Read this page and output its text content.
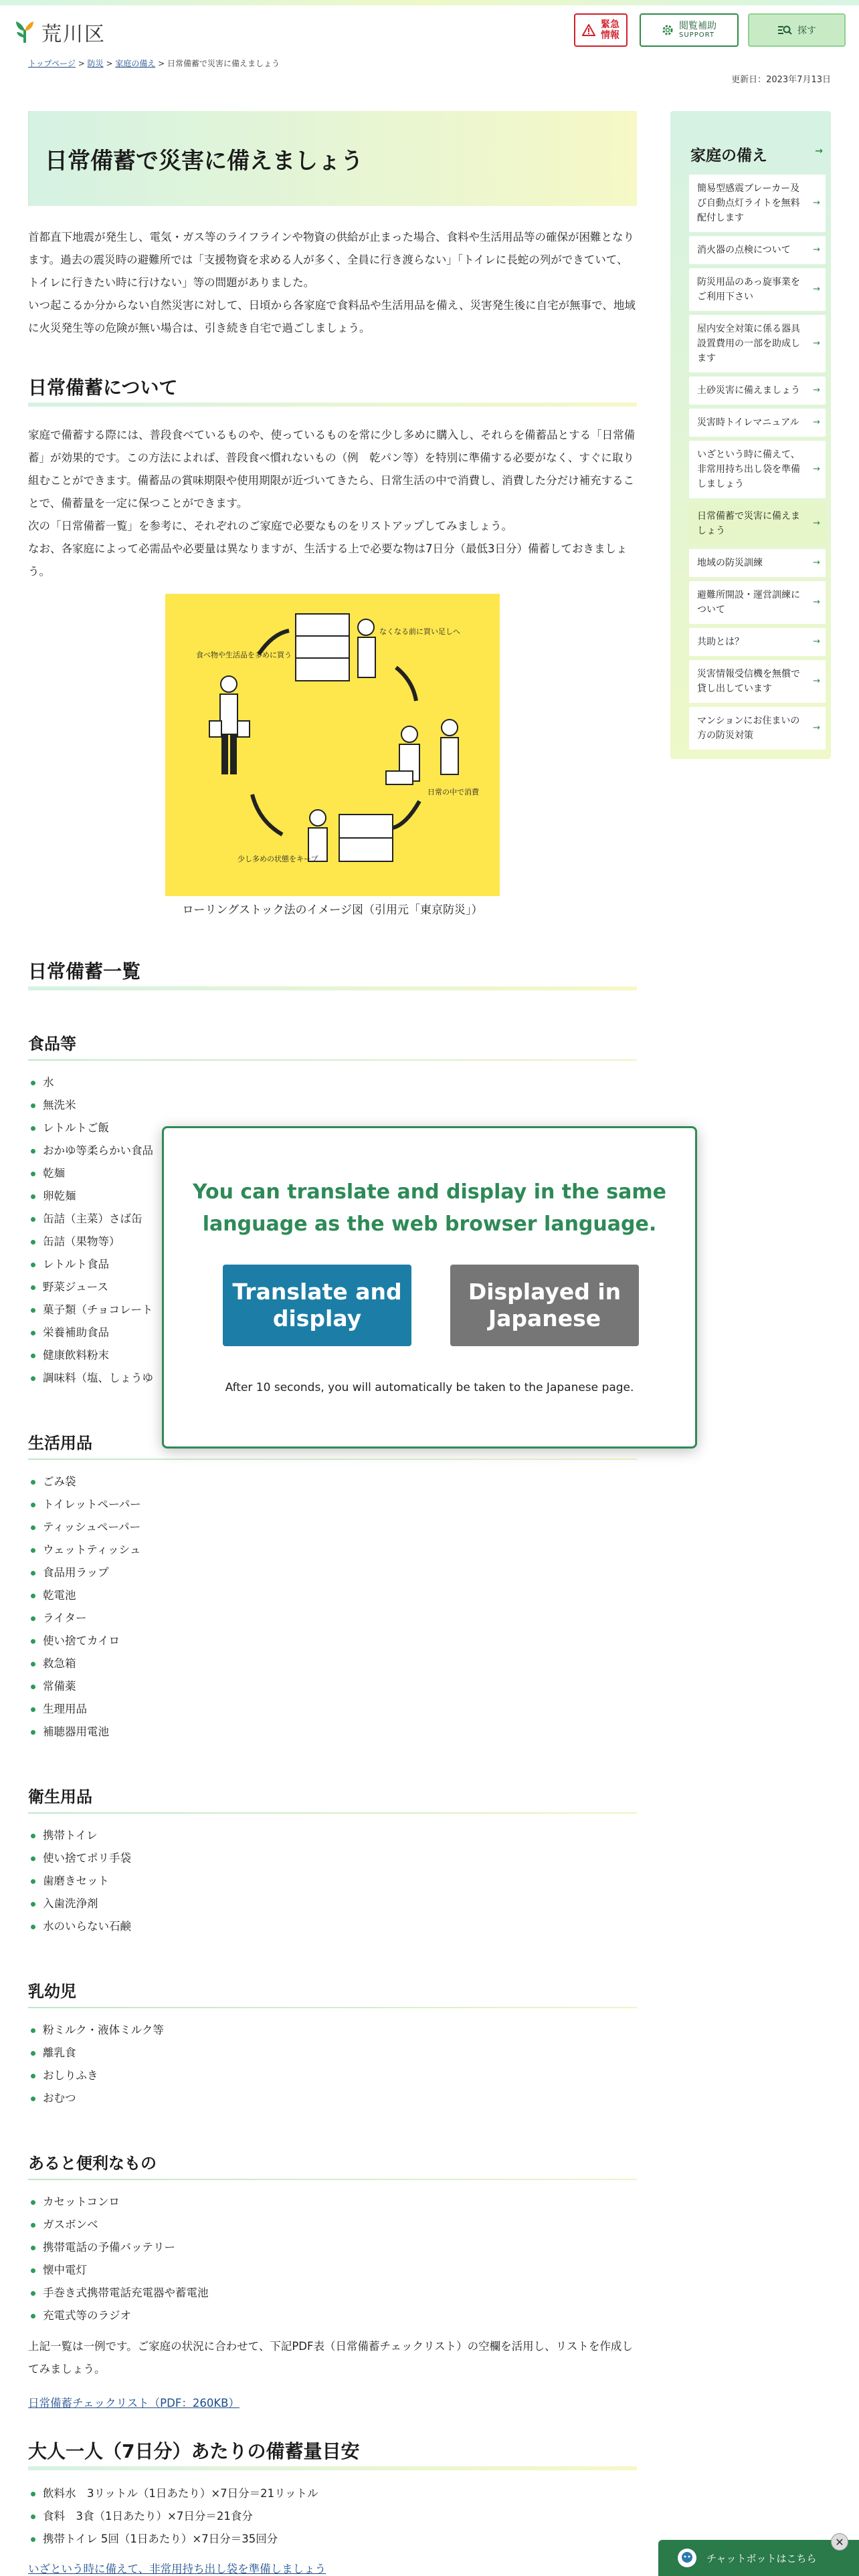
荒川区	緊急
情報
閲覧補助
SUPPORT	探す
トップページ > 防災 > 家庭の備え > 日常備蓄で災害に備えましょう
更新日：2023年7月13日
日常備蓄で災害に備えましょう

首都直下地震が発生し、電気・ガス等のライフラインや物資の供給が止まった場合、食料や生活用品等の確保が困難となります。過去の震災時の避難所では「支援物資を求める人が多く、全員に行き渡らない」「トイレに長蛇の列ができていて、トイレに行きたい時に行けない」等の問題がありました。

いつ起こるか分からない自然災害に対して、日頃から各家庭で食料品や生活用品を備え、災害発生後に自宅が無事で、地域に火災発生等の危険が無い場合は、引き続き自宅で過ごしましょう。

日常備蓄について

家庭で備蓄する際には、普段食べているものや、使っているものを常に少し多めに購入し、それらを備蓄品とする「日常備蓄」が効果的です。この方法によれば、普段食べ慣れないもの（例　乾パン等）を特別に準備する必要がなく、すぐに取り組むことができます。備蓄品の賞味期限や使用期限が近づいてきたら、日常生活の中で消費し、消費した分だけ補充することで、備蓄量を一定に保つことができます。

次の「日常備蓄一覧」を参考に、それぞれのご家庭で必要なものをリストアップしてみましょう。

なお、各家庭によって必需品や必要量は異なりますが、生活する上で必要な物は7日分（最低3日分）備蓄しておきましょう。

なくなる前に買い足しへ
食べ物や生活品を多めに買う
日常の中で消費
少し多めの状態をキープ
ローリングストック法のイメージ図（引用元「東京防災」）
日常備蓄一覧
食品等
水
無洗米
レトルトご飯
おかゆ等柔らかい食品
乾麺
卵乾麺
缶詰（主菜）さば缶
缶詰（果物等）
レトルト食品
野菜ジュース
菓子類（チョコレート
栄養補助食品
健康飲料粉末
調味料（塩、しょうゆ
生活用品
ごみ袋
トイレットペーパー
ティッシュペーパー
ウェットティッシュ
食品用ラップ
乾電池
ライター
使い捨てカイロ
救急箱
常備薬
生理用品
補聴器用電池
衛生用品
携帯トイレ
使い捨てポリ手袋
歯磨きセット
入歯洗浄剤
水のいらない石鹸
乳幼児
粉ミルク・液体ミルク等
離乳食
おしりふき
おむつ
あると便利なもの
カセットコンロ
ガスボンベ
携帯電話の予備バッテリー
懐中電灯
手巻き式携帯電話充電器や蓄電池
充電式等のラジオ

上記一覧は一例です。ご家庭の状況に合わせて、下記PDF表（日常備蓄チェックリスト）の空欄を活用し、リストを作成してみましょう。

日常備蓄チェックリスト（PDF：260KB）

大人一人（7日分）あたりの備蓄量目安
飲料水　3リットル（1日あたり）×7日分＝21リットル
食料　3食（1日あたり）×7日分＝21食分
携帯トイレ 5回（1日あたり）×7日分＝35回分

いざという時に備えて、非常用持ち出し袋を準備しましょう

家庭の備え →
簡易型感震ブレーカー及び自動点灯ライトを無料配付します →
消火器の点検について →
防災用品のあっ旋事業をご利用下さい →
屋内安全対策に係る器具設置費用の一部を助成します →
土砂災害に備えましょう →
災害時トイレマニュアル →
いざという時に備えて、非常用持ち出し袋を準備しましょう →
日常備蓄で災害に備えましょう →
地域の防災訓練 →
避難所開設・運営訓練について →
共助とは？ →
災害情報受信機を無償で貸し出しています →
マンションにお住まいの方の防災対策 →
You can translate and display in the same
language as the web browser language.
Translate and
display
Displayed in
Japanese
After 10 seconds, you will automatically be taken to the Japanese page.
チャットボットはこちら
✕
